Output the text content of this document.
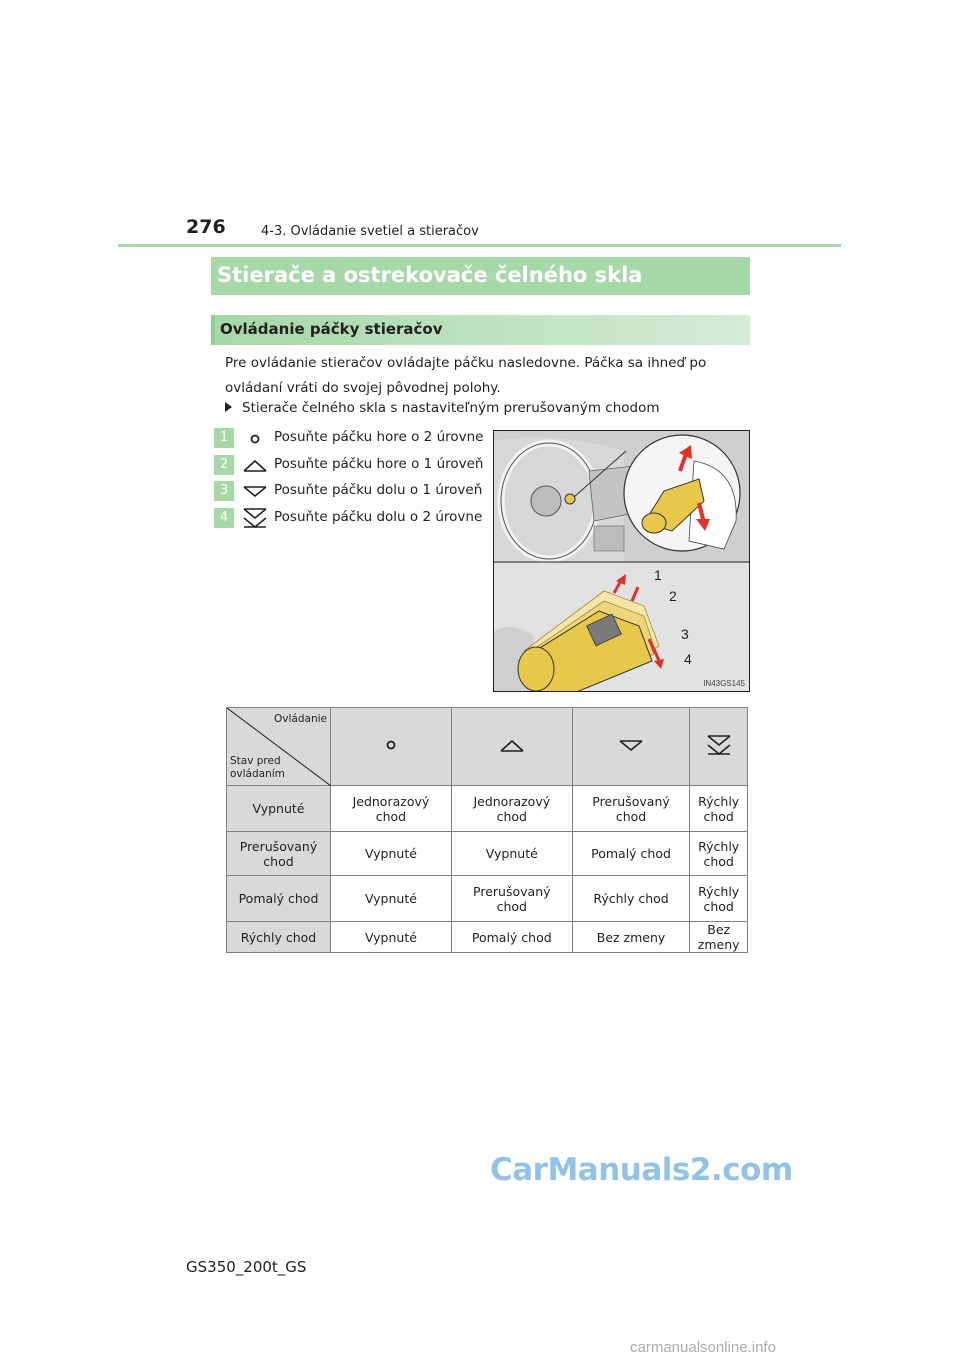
276	4-3. Ovládanie svetiel a stieračov
Stierače a ostrekovače čelného skla
Ovládanie páčky stieračov

Pre ovládanie stieračov ovládajte páčku nasledovne. Páčka sa ihneď po ovládaní vráti do svojej pôvodnej polohy.

Stierače čelného skla s nastaviteľným prerušovaným chodom
1	Posuňte páčku hore o 2 úrovne
2	Posuňte páčku hore o 1 úroveň
3	Posuňte páčku dolu o 1 úroveň
4	Posuňte páčku dolu o 2 úrovne
1
2
3
4
IN43GS145
Ovládanie
Stav pred ovládaním

Vypnuté	Jednorazový chod	Jednorazový chod	Prerušovaný chod	Rýchly chod
Prerušovaný chod	Vypnuté	Vypnuté	Pomalý chod	Rýchly chod
Pomalý chod	Vypnuté	Prerušovaný chod	Rýchly chod	Rýchly chod
Rýchly chod	Vypnuté	Pomalý chod	Bez zmeny	Bez zmeny
GS350_200t_GS
CarManuals2.com
carmanualsonline.info
